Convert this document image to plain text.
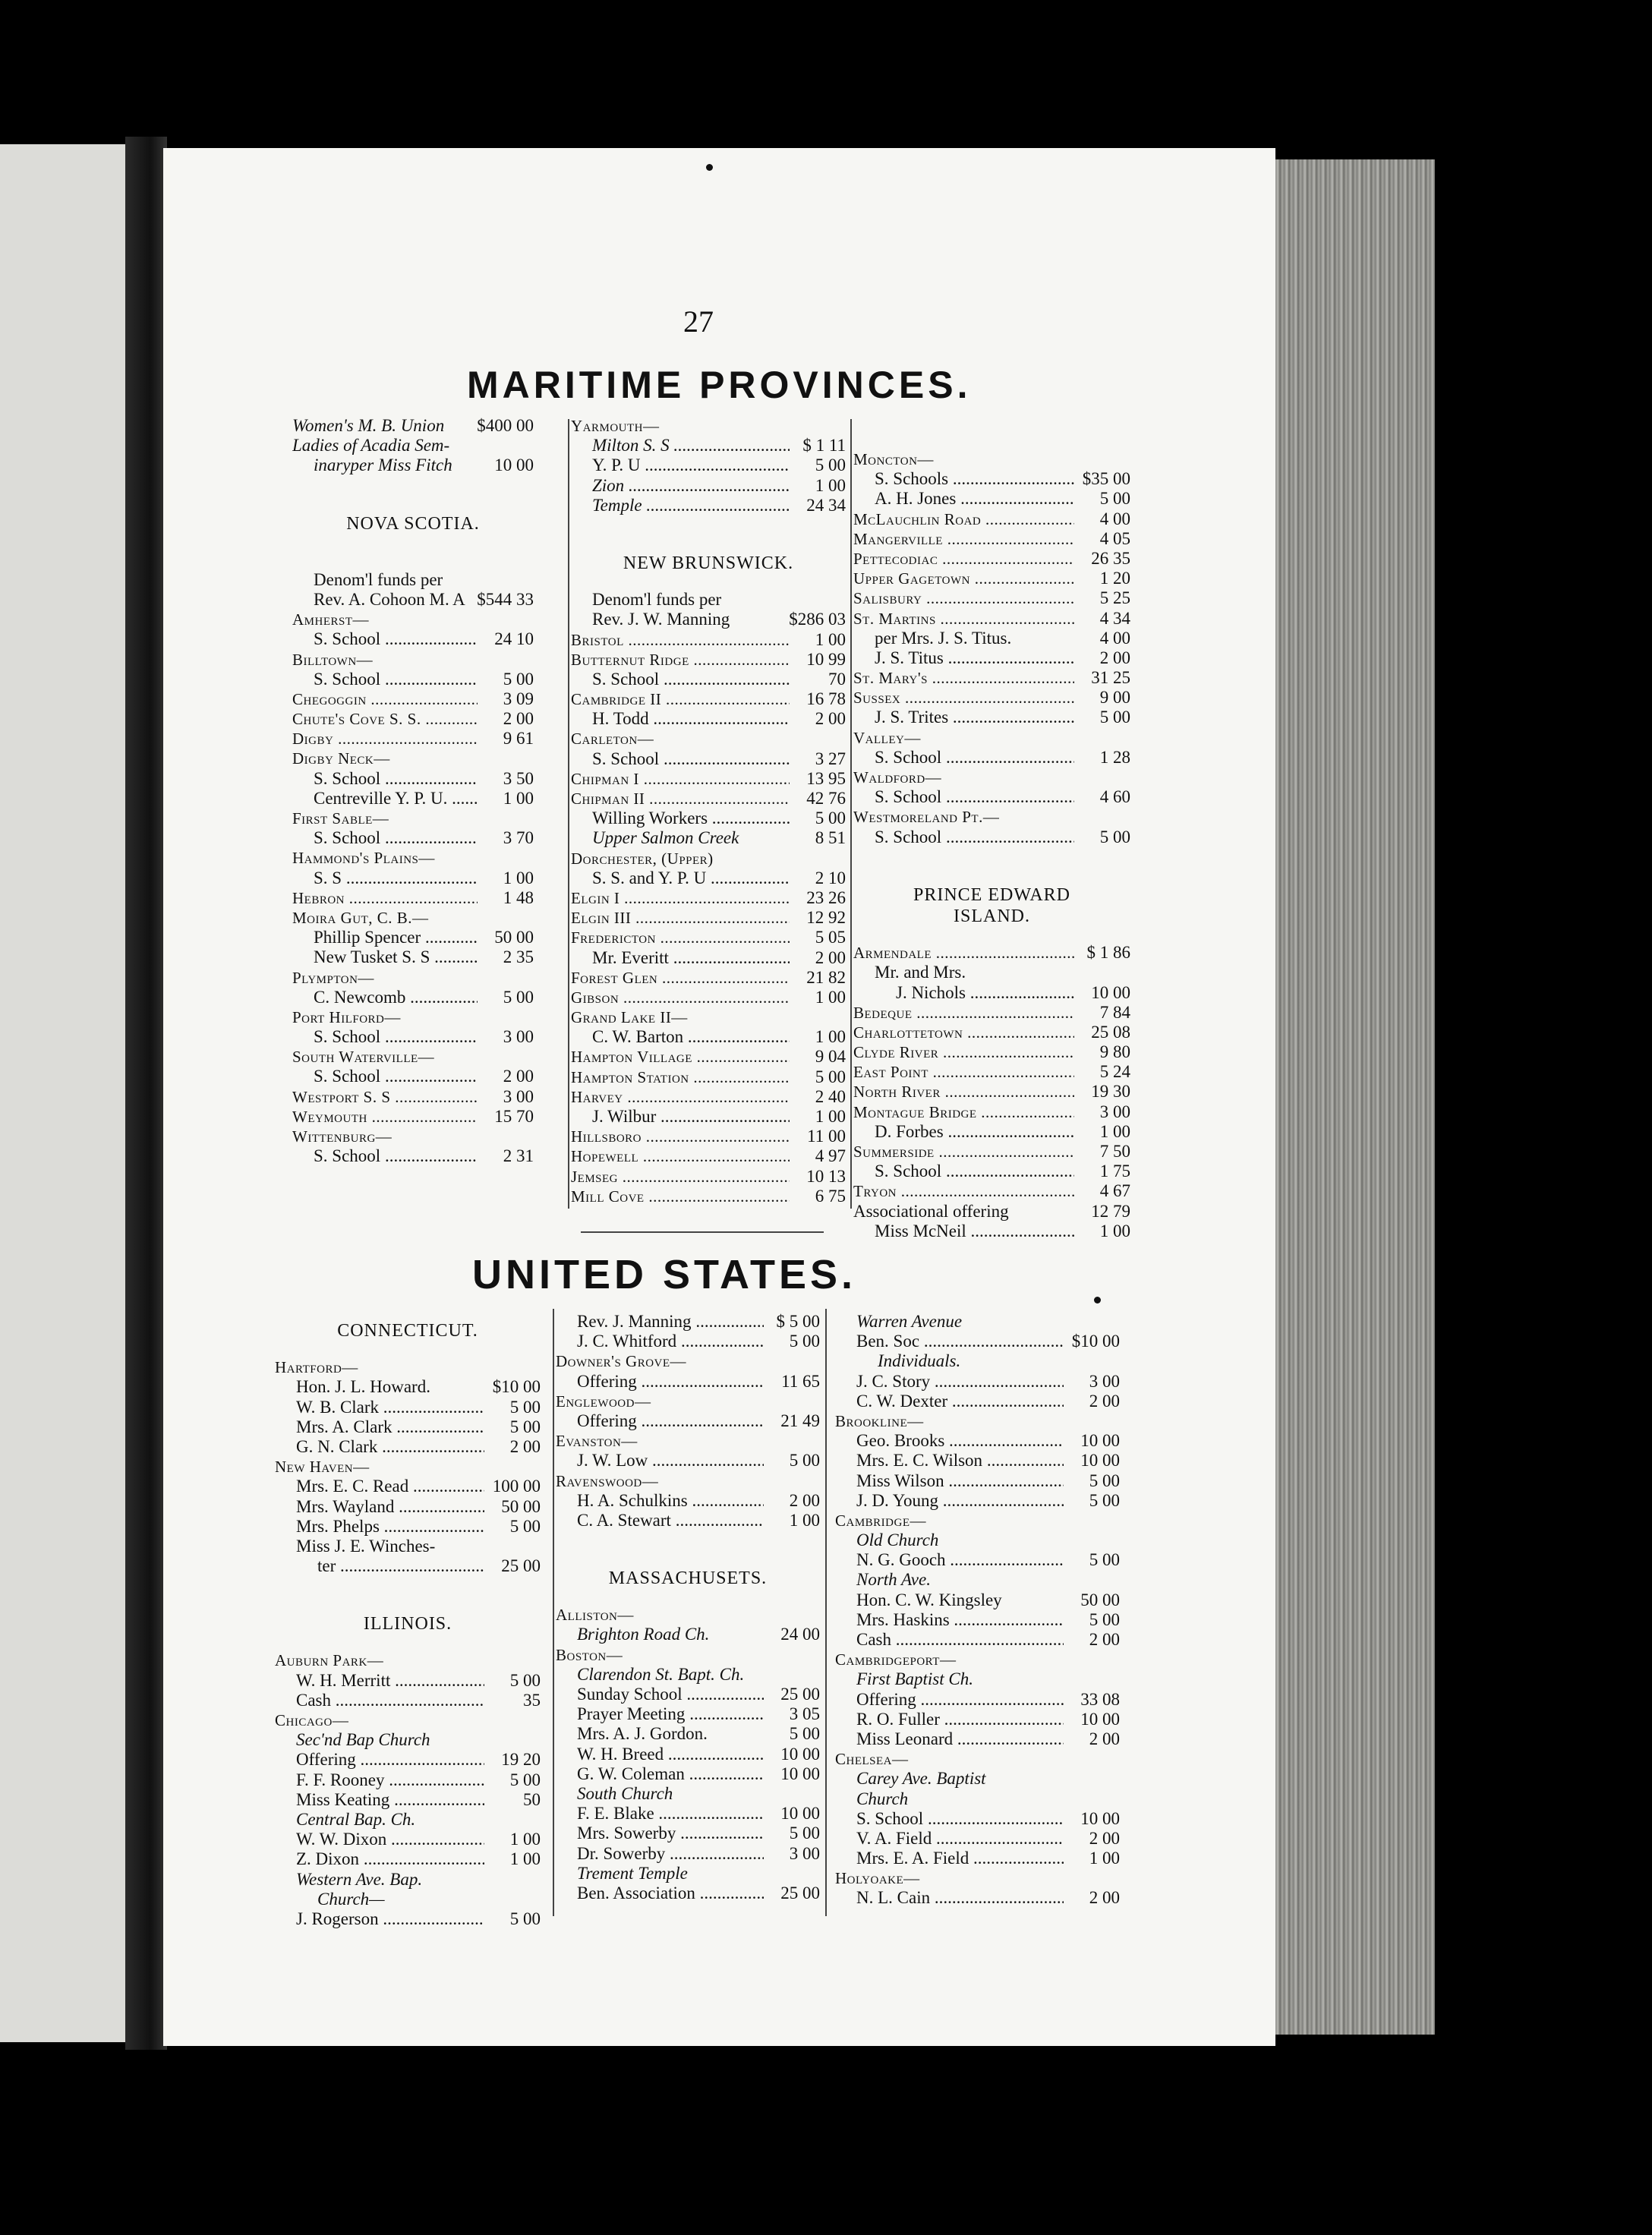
27
MARITIME PROVINCES.
Women's M. B. Union	$400 00
Ladies of Acadia Sem-
inaryper Miss Fitch	10 00
NOVA SCOTIA.
Denom'l funds per
Rev. A. Cohoon M. A $544 33
Amherst—
S. School .....	24 10
Billtown—
S. School .....	5 00
Chegoggin .....	3 09
Chute's Cove S. S. .....	2 00
Digby .....	9 61
Digby Neck—
S. School .....	3 50
Centreville Y. P. U. .....	1 00
First Sable—
S. School .....	3 70
Hammond's Plains—
S. S .....	1 00
Hebron .....	1 48
Moira Gut, C. B.—
Phillip Spencer .....	50 00
New Tusket S. S .....	2 35
Plympton—
C. Newcomb .....	5 00
Port Hilford—
S. School .....	3 00
South Waterville—
S. School .....	2 00
Westport S. S .....	3 00
Weymouth .....	15 70
Wittenburg—
S. School .....	2 31
Yarmouth—
Milton S. S .....	$ 1 11
Y. P. U .....	5 00
Zion .....	1 00
Temple .....	24 34
NEW BRUNSWICK.
Denom'l funds per
Rev. J. W. Manning	$286 03
Bristol .....	1 00
Butternut Ridge .....	10 99
S. School .....	70
Cambridge II .....	16 78
H. Todd .....	2 00
Carleton—
S. School .....	3 27
Chipman I .....	13 95
Chipman II .....	42 76
Willing Workers .....	5 00
Upper Salmon Creek	8 51
Dorchester, (Upper)
S. S. and Y. P. U .....	2 10
Elgin I .....	23 26
Elgin III .....	12 92
Fredericton .....	5 05
Mr. Everitt .....	2 00
Forest Glen .....	21 82
Gibson .....	1 00
Grand Lake II—
C. W. Barton .....	1 00
Hampton Village .....	9 04
Hampton Station .....	5 00
Harvey .....	2 40
J. Wilbur .....	1 00
Hillsboro .....	11 00
Hopewell .....	4 97
Jemseg .....	10 13
Mill Cove .....	6 75
Moncton—
S. Schools .....	$35 00
A. H. Jones .....	5 00
McLauchlin Road .....	4 00
Mangerville .....	4 05
Pettecodiac .....	26 35
Upper Gagetown .....	1 20
Salisbury .....	5 25
St. Martins .....	4 34
per Mrs. J. S. Titus.	4 00
J. S. Titus .....	2 00
St. Mary's .....	31 25
Sussex .....	9 00
J. S. Trites .....	5 00
Valley—
S. School .....	1 28
Waldford—
S. School .....	4 60
Westmoreland Pt.—
S. School .....	5 00
PRINCE EDWARD
ISLAND.
Armendale .....	$ 1 86
Mr. and Mrs.
J. Nichols .....	10 00
Bedeque .....	7 84
Charlottetown .....	25 08
Clyde River .....	9 80
East Point .....	5 24
North River .....	19 30
Montague Bridge .....	3 00
D. Forbes .....	1 00
Summerside .....	7 50
S. School .....	1 75
Tryon .....	4 67
Associational offering	12 79
Miss McNeil .....	1 00
UNITED STATES.
CONNECTICUT.
Hartford—
Hon. J. L. Howard.	$10 00
W. B. Clark .....	5 00
Mrs. A. Clark .....	5 00
G. N. Clark .....	2 00
New Haven—
Mrs. E. C. Read .....	100 00
Mrs. Wayland .....	50 00
Mrs. Phelps .....	5 00
Miss J. E. Winches-
ter .....	25 00
ILLINOIS.
Auburn Park—
W. H. Merritt .....	5 00
Cash .....	35
Chicago—
Sec'nd Bap Church
Offering .....	19 20
F. F. Rooney .....	5 00
Miss Keating .....	50
Central Bap. Ch.
W. W. Dixon .....	1 00
Z. Dixon .....	1 00
Western Ave. Bap.
Church—
J. Rogerson .....	5 00
Rev. J. Manning .....	$ 5 00
J. C. Whitford .....	5 00
Downer's Grove—
Offering .....	11 65
Englewood—
Offering .....	21 49
Evanston—
J. W. Low .....	5 00
Ravenswood—
H. A. Schulkins .....	2 00
C. A. Stewart .....	1 00
MASSACHUSETS.
Alliston—
Brighton Road Ch.	24 00
Boston—
Clarendon St. Bapt. Ch.
Sunday School .....	25 00
Prayer Meeting .....	3 05
Mrs. A. J. Gordon.	5 00
W. H. Breed .....	10 00
G. W. Coleman .....	10 00
South Church
F. E. Blake .....	10 00
Mrs. Sowerby .....	5 00
Dr. Sowerby .....	3 00
Trement Temple
Ben. Association .....	25 00
Warren Avenue
Ben. Soc .....	$10 00
Individuals.
J. C. Story .....	3 00
C. W. Dexter .....	2 00
Brookline—
Geo. Brooks .....	10 00
Mrs. E. C. Wilson .....	10 00
Miss Wilson .....	5 00
J. D. Young .....	5 00
Cambridge—
Old Church
N. G. Gooch .....	5 00
North Ave.
Hon. C. W. Kingsley	50 00
Mrs. Haskins .....	5 00
Cash .....	2 00
Cambridgeport—
First Baptist Ch.
Offering .....	33 08
R. O. Fuller .....	10 00
Miss Leonard .....	2 00
Chelsea—
Carey Ave. Baptist
Church
S. School .....	10 00
V. A. Field .....	2 00
Mrs. E. A. Field .....	1 00
Holyoake—
N. L. Cain .....	2 00
